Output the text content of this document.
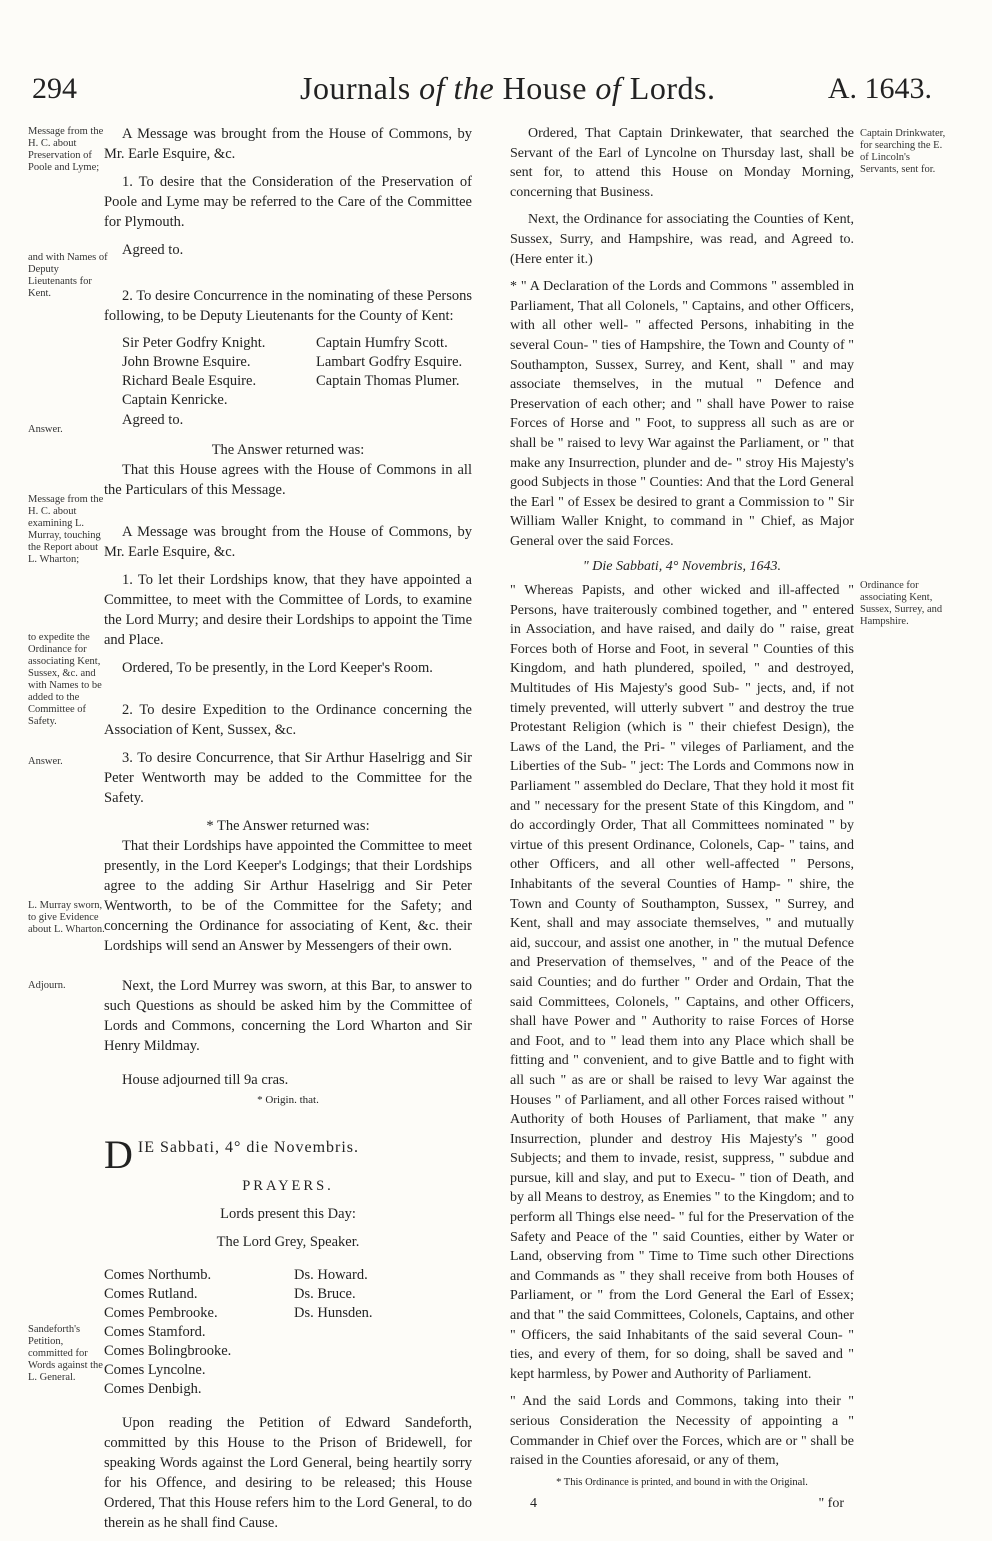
294	Journals of the House of Lords.	A. 1643.
Message from the H. C. about Preservation of Poole and Lyme;
and with Names of Deputy Lieutenants for Kent.
Answer.
Message from the H. C. about examining L. Murray, touching the Report about L. Wharton;
to expedite the Ordinance for associating Kent, Sussex, &c. and with Names to be added to the Committee of Safety.
Answer.
L. Murray sworn, to give Evidence about L. Wharton.
Adjourn.
Sandeforth's Petition, committed for Words against the L. General.
Captain Drinkwater, for searching the E. of Lincoln's Servants, sent for.
Ordinance for associating Kent, Sussex, Surrey, and Hampshire.

A Message was brought from the House of Commons, by Mr. Earle Esquire, &c.

1. To desire that the Consideration of the Preservation of Poole and Lyme may be referred to the Care of the Committee for Plymouth.

Agreed to.

2. To desire Concurrence in the nominating of these Persons following, to be Deputy Lieutenants for the County of Kent:

Sir Peter Godfry Knight.	Captain Humfry Scott.
John Browne Esquire.	Lambart Godfry Esquire.
Richard Beale Esquire.	Captain Thomas Plumer.
Captain Kenricke.

Agreed to.

The Answer returned was:

That this House agrees with the House of Commons in all the Particulars of this Message.

A Message was brought from the House of Commons, by Mr. Earle Esquire, &c.

1. To let their Lordships know, that they have appointed a Committee, to meet with the Committee of Lords, to examine the Lord Murry; and desire their Lordships to appoint the Time and Place.

Ordered, To be presently, in the Lord Keeper's Room.

2. To desire Expedition to the Ordinance concerning the Association of Kent, Sussex, &c.

3. To desire Concurrence, that Sir Arthur Haselrigg and Sir Peter Wentworth may be added to the Committee for the Safety.

* The Answer returned was:

That their Lordships have appointed the Committee to meet presently, in the Lord Keeper's Lodgings; that their Lordships agree to the adding Sir Arthur Haselrigg and Sir Peter Wentworth, to be of the Committee for the Safety; and concerning the Ordinance for associating of Kent, &c. their Lordships will send an Answer by Messengers of their own.

Next, the Lord Murrey was sworn, at this Bar, to answer to such Questions as should be asked him by the Committee of Lords and Commons, concerning the Lord Wharton and Sir Henry Mildmay.

House adjourned till 9a cras.

* Origin. that.

D IE Sabbati, 4° die Novembris.

PRAYERS.

Lords present this Day:

The Lord Grey, Speaker.

Comes Northumb.	Ds. Howard.
Comes Rutland.	Ds. Bruce.
Comes Pembrooke.	Ds. Hunsden.
Comes Stamford.
Comes Bolingbrooke.
Comes Lyncolne.
Comes Denbigh.

Upon reading the Petition of Edward Sandeforth, committed by this House to the Prison of Bridewell, for speaking Words against the Lord General, being heartily sorry for his Offence, and desiring to be released; this House Ordered, That this House refers him to the Lord General, to do therein as he shall find Cause.

Ordered, That Captain Drinkewater, that searched the Servant of the Earl of Lyncolne on Thursday last, shall be sent for, to attend this House on Monday Morning, concerning that Business.

Next, the Ordinance for associating the Counties of Kent, Sussex, Surry, and Hampshire, was read, and Agreed to. (Here enter it.)

* " A Declaration of the Lords and Commons " assembled in Parliament, That all Colonels, " Captains, and other Officers, with all other well- " affected Persons, inhabiting in the several Coun- " ties of Hampshire, the Town and County of " Southampton, Sussex, Surrey, and Kent, shall " and may associate themselves, in the mutual " Defence and Preservation of each other; and " shall have Power to raise Forces of Horse and " Foot, to suppress all such as are or shall be " raised to levy War against the Parliament, or " that make any Insurrection, plunder and de- " stroy His Majesty's good Subjects in those " Counties: And that the Lord General the Earl " of Essex be desired to grant a Commission to " Sir William Waller Knight, to command in " Chief, as Major General over the said Forces.

" Die Sabbati, 4° Novembris, 1643.

" Whereas Papists, and other wicked and ill-affected " Persons, have traiterously combined together, and " entered in Association, and have raised, and daily do " raise, great Forces both of Horse and Foot, in several " Counties of this Kingdom, and hath plundered, spoiled, " and destroyed, Multitudes of His Majesty's good Sub- " jects, and, if not timely prevented, will utterly subvert " and destroy the true Protestant Religion (which is " their chiefest Design), the Laws of the Land, the Pri- " vileges of Parliament, and the Liberties of the Sub- " ject: The Lords and Commons now in Parliament " assembled do Declare, That they hold it most fit and " necessary for the present State of this Kingdom, and " do accordingly Order, That all Committees nominated " by virtue of this present Ordinance, Colonels, Cap- " tains, and other Officers, and all other well-affected " Persons, Inhabitants of the several Counties of Hamp- " shire, the Town and County of Southampton, Sussex, " Surrey, and Kent, shall and may associate themselves, " and mutually aid, succour, and assist one another, in " the mutual Defence and Preservation of themselves, " and of the Peace of the said Counties; and do further " Order and Ordain, That the said Committees, Colonels, " Captains, and other Officers, shall have Power and " Authority to raise Forces of Horse and Foot, and to " lead them into any Place which shall be fitting and " convenient, and to give Battle and to fight with all such " as are or shall be raised to levy War against the Houses " of Parliament, and all other Forces raised without " Authority of both Houses of Parliament, that make " any Insurrection, plunder and destroy His Majesty's " good Subjects; and them to invade, resist, suppress, " subdue and pursue, kill and slay, and put to Execu- " tion of Death, and by all Means to destroy, as Enemies " to the Kingdom; and to perform all Things else need- " ful for the Preservation of the Safety and Peace of the " said Counties, either by Water or Land, observing from " Time to Time such other Directions and Commands as " they shall receive from both Houses of Parliament, or " from the Lord General the Earl of Essex; and that " the said Committees, Colonels, Captains, and other " Officers, the said Inhabitants of the said several Coun- " ties, and every of them, for so doing, shall be saved and " kept harmless, by Power and Authority of Parliament.

" And the said Lords and Commons, taking into their " serious Consideration the Necessity of appointing a " Commander in Chief over the Forces, which are or " shall be raised in the Counties aforesaid, or any of them,

* This Ordinance is printed, and bound in with the Original.

4	" for
